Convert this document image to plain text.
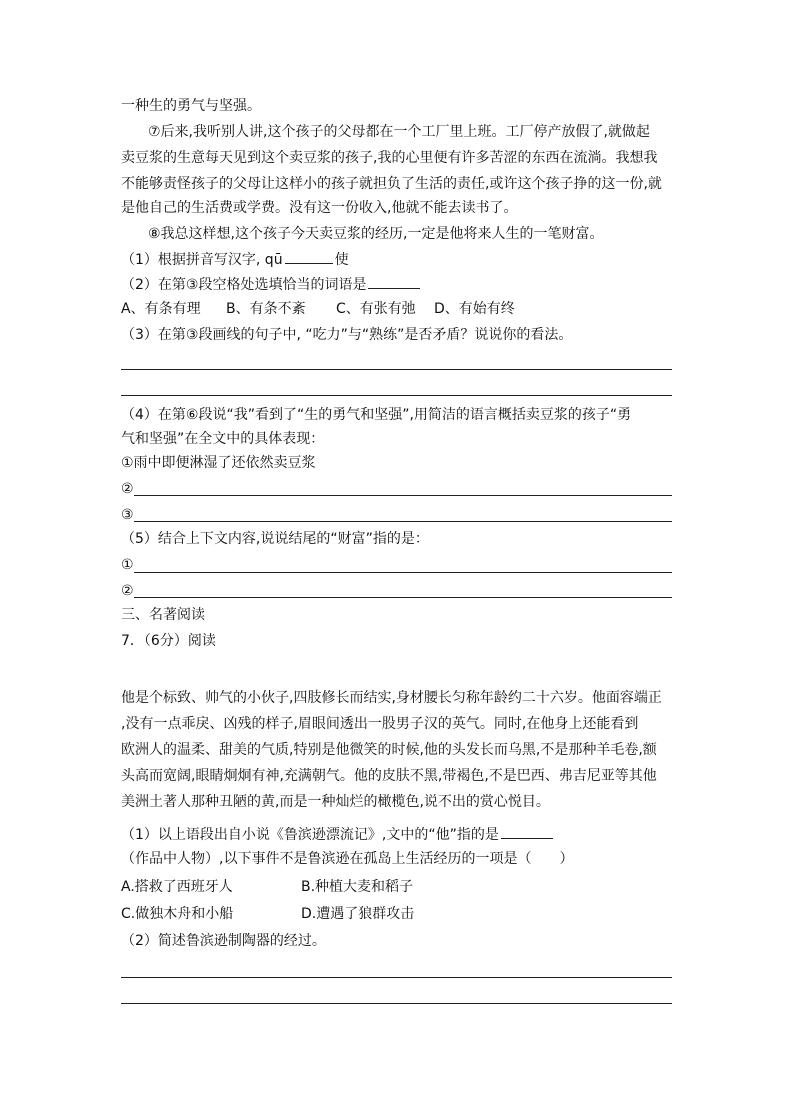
一种生的勇气与坚强。
⑦后来,我听别人讲,这个孩子的父母都在一个工厂里上班。工厂停产放假了,就做起
卖豆浆的生意每天见到这个卖豆浆的孩子,我的心里便有许多苦涩的东西在流淌。我想我
不能够责怪孩子的父母让这样小的孩子就担负了生活的责任,或许这个孩子挣的这一份,就
是他自己的生活费或学费。没有这一份收入,他就不能去读书了。
⑧我总这样想,这个孩子今天卖豆浆的经历,一定是他将来人生的一笔财富。
（1）根据拼音写汉字, qū	使
（2）在第③段空格处选填恰当的词语是
A、有条有理 B、有条不紊 C、有张有弛 D、有始有终
（3）在第③段画线的句子中, “吃力”与“熟练”是否矛盾？说说你的看法。
（4）在第⑥段说“我”看到了“生的勇气和坚强”,用简洁的语言概括卖豆浆的孩子“勇
气和坚强”在全文中的具体表现：
①雨中即便淋湿了还依然卖豆浆
②
③
（5）结合上下文内容,说说结尾的“财富”指的是：
①
②
三、名著阅读
7．（6分）阅读
他是个标致、帅气的小伙子,四肢修长而结实,身材腰长匀称年龄约二十六岁。他面容端正
,没有一点乖戾、凶残的样子,眉眼间透出一股男子汉的英气。同时,在他身上还能看到
欧洲人的温柔、甜美的气质,特别是他微笑的时候,他的头发长而乌黑,不是那种羊毛卷,额
头高而宽阔,眼睛炯炯有神,充满朝气。他的皮肤不黑,带褐色,不是巴西、弗吉尼亚等其他
美洲土著人那种丑陋的黄,而是一种灿烂的橄榄色,说不出的赏心悦目。
（1）以上语段出自小说《鲁滨逊漂流记》,文中的“他”指的是
（作品中人物）,以下事件不是鲁滨逊在孤岛上生活经历的一项是（　　）
A.搭救了西班牙人	B.种植大麦和稻子
C.做独木舟和小船	D.遭遇了狼群攻击
（2）简述鲁滨逊制陶器的经过。
